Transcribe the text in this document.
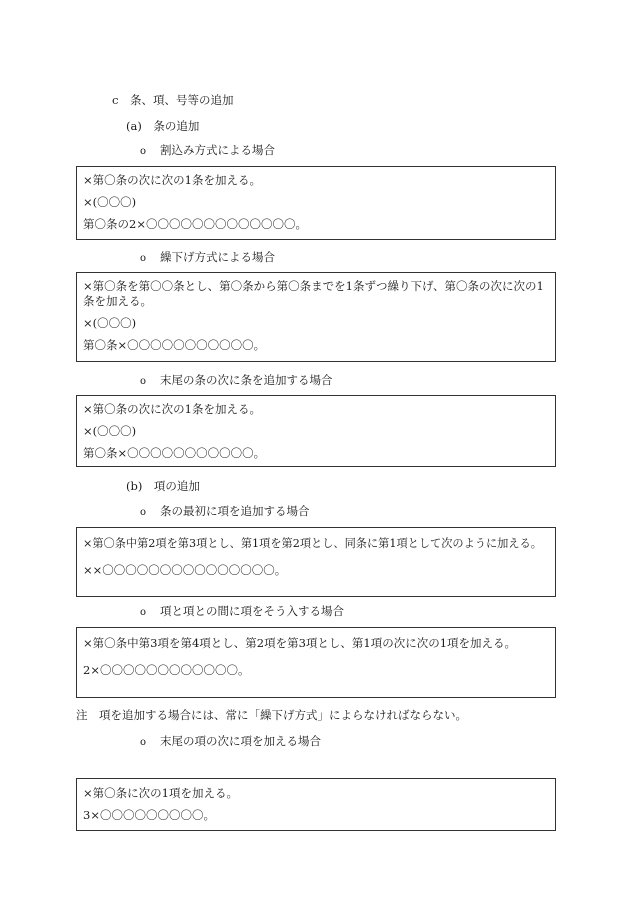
c　条、項、号等の追加
(a)　条の追加
o 割込み方式による場合

×第〇条の次に次の1条を加える。

×(〇〇〇)

第〇条の2×〇〇〇〇〇〇〇〇〇〇〇〇〇。

o 繰下げ方式による場合

×第〇条を第〇〇条とし、第〇条から第〇条までを1条ずつ繰り下げ、第〇条の次に次の1条を加える。

×(〇〇〇)

第〇条×〇〇〇〇〇〇〇〇〇〇〇。

o 末尾の条の次に条を追加する場合

×第〇条の次に次の1条を加える。

×(〇〇〇)

第〇条×〇〇〇〇〇〇〇〇〇〇〇。

(b)　項の追加
o 条の最初に項を追加する場合

×第〇条中第2項を第3項とし、第1項を第2項とし、同条に第1項として次のように加える。

××〇〇〇〇〇〇〇〇〇〇〇〇〇〇〇。

o 項と項との間に項をそう入する場合

×第〇条中第3項を第4項とし、第2項を第3項とし、第1項の次に次の1項を加える。

2×〇〇〇〇〇〇〇〇〇〇〇〇。

注　項を追加する場合には、常に「繰下げ方式」によらなければならない。
o 末尾の項の次に項を加える場合

×第〇条に次の1項を加える。

3×〇〇〇〇〇〇〇〇〇。
